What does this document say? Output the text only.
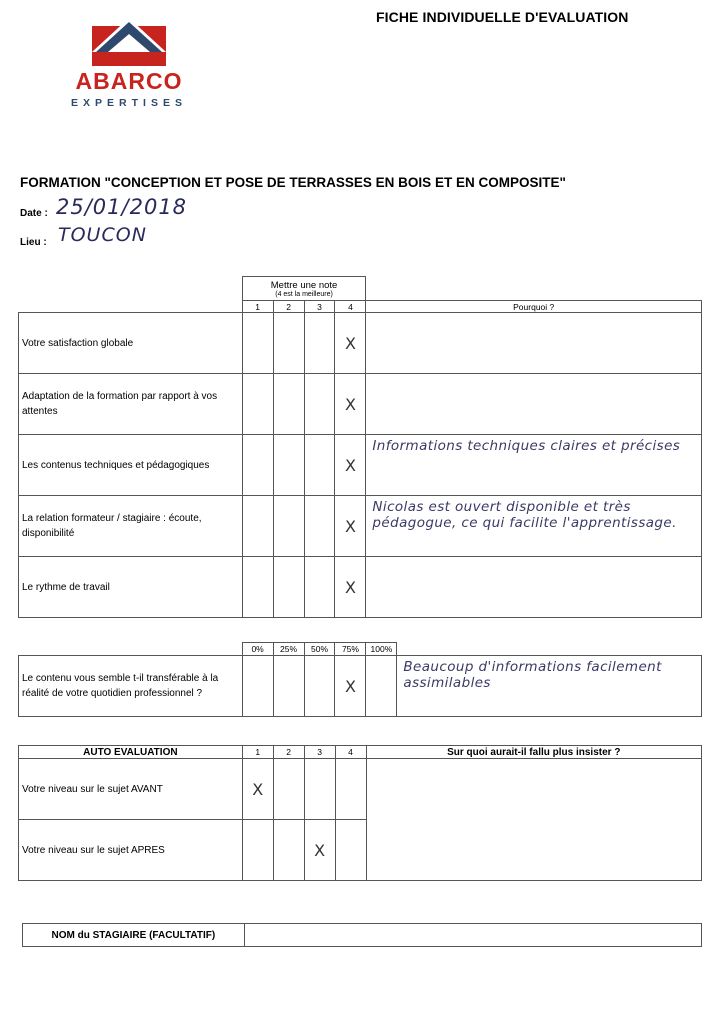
FICHE INDIVIDUELLE D'EVALUATION
ABARCO
EXPERTISES
FORMATION "CONCEPTION ET POSE DE TERRASSES EN BOIS ET EN COMPOSITE"
Date : 25/01/2018
Lieu : TOUCON

	Mettre une note
(4 est la meilleure)				

	1	2	3	4	Pourquoi ?
Votre satisfaction globale				X	
Adaptation de la formation par rapport à vos attentes				X	
Les contenus techniques et pédagogiques				X	Informations techniques claires et précises
La relation formateur / stagiaire : écoute, disponibilité				X	Nicolas est ouvert disponible et très pédagogue, ce qui facilite l'apprentissage.
Le rythme de travail				X	
	0%	25%	50%	75%	100%	
Le contenu vous semble t-il transférable à la réalité de votre quotidien professionnel ?				X		Beaucoup d'informations facilement assimilables
AUTO EVALUATION	1	2	3	4	Sur quoi aurait-il fallu plus insister ?
Votre niveau sur le sujet AVANT	X				
Votre niveau sur le sujet APRES			X		
NOM du STAGIAIRE (FACULTATIF)	
